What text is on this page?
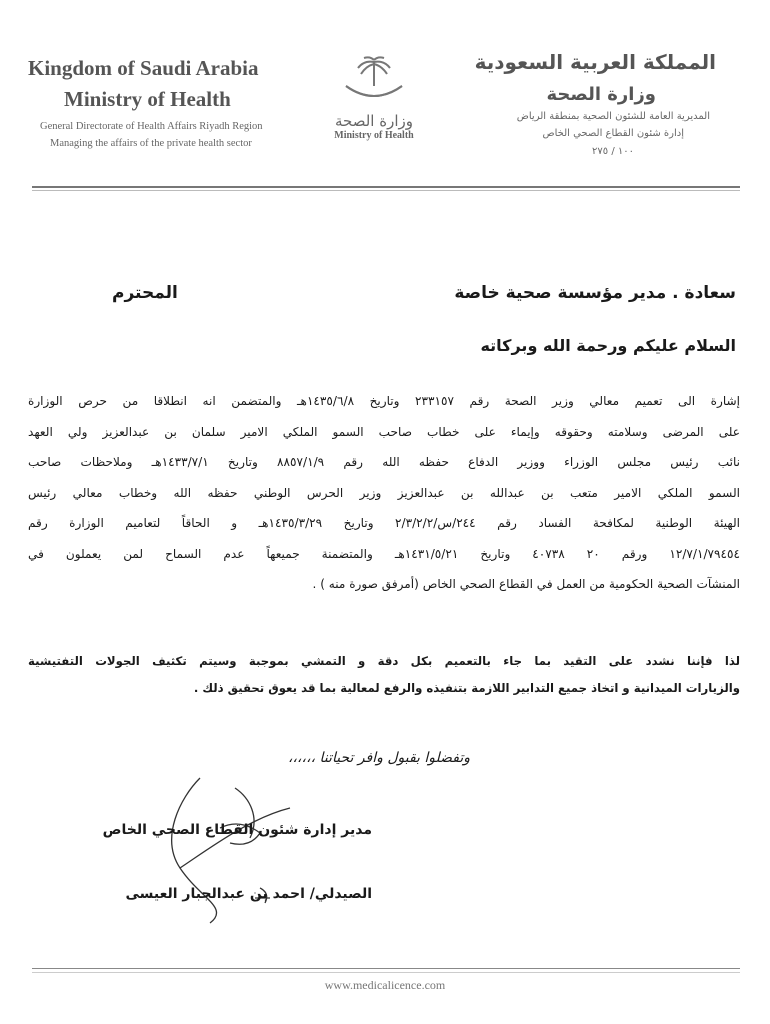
Kingdom of Saudi Arabia
Ministry of Health
General Directorate of Health Affairs Riyadh Region
Managing the affairs of the private health sector
وزارة الصحة
Ministry of Health
المملكة العربية السعودية
وزارة الصحة
المديرية العامة للشئون الصحية بمنطقة الرياض
إدارة شئون القطاع الصحي الخاص
١٠٠ / ٢٧٥
سعادة . مدير مؤسسة صحية خاصة
المحترم
السلام عليكم ورحمة الله وبركاته
إشارة الى تعميم معالي وزير الصحة رقم ٢٣٣١٥٧ وتاريخ ١٤٣٥/٦/٨هـ والمتضمن انه انطلاقا من حرص الوزارة
على المرضى وسلامته وحقوقه وإيماء على خطاب صاحب السمو الملكي الامير سلمان بن عبدالعزيز ولي العهد
نائب رئيس مجلس الوزراء ووزير الدفاع حفظه الله رقم ٨٨٥٧/١/٩ وتاريخ ١٤٣٣/٧/١هـ وملاحظات صاحب
السمو الملكي الامير متعب بن عبدالله بن عبدالعزيز وزير الحرس الوطني حفظه الله وخطاب معالي رئيس
الهيئة الوطنية لمكافحة الفساد رقم ٢٤٤/س/٢/٣/٢/٢ وتاريخ ١٤٣٥/٣/٢٩هـ و الحاقاً لتعاميم الوزارة رقم
١٢/٧/١/٧٩٤٥٤ ورقم ٢٠ ٤٠٧٣٨ وتاريخ ١٤٣١/٥/٢١هـ والمتضمنة جميعهاً عدم السماح لمن يعملون في
المنشآت الصحية الحكومية من العمل في القطاع الصحي الخاص (أمرفق صورة منه ) .
لذا فإننا نشدد على التقيد بما جاء بالتعميم بكل دقة و التمشي بموجبة وسيتم تكثيف الجولات التفتيشية
والزيارات الميدانية و اتخاذ جميع التدابير اللازمة بتنفيذه والرفع لمعالية بما قد يعوق تحقيق ذلك .
وتفضلوا بقبول وافر تحياتنا ،،،،،،
مدير إدارة شئون القطاع الصحي الخاص
الصيدلي/ احمد بن عبدالجبار العيسى
www.medicalicence.com
